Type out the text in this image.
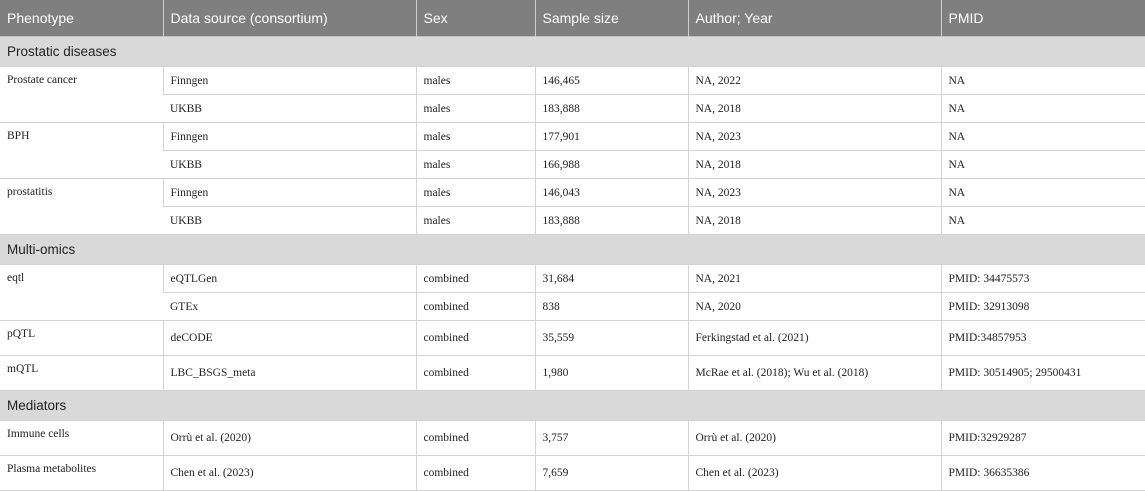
Phenotype	Data source (consortium)	Sex	Sample size	Author; Year	PMID
Prostatic diseases					
Prostate cancer	Finngen	males	146,465	NA, 2022	NA
	UKBB	males	183,888	NA, 2018	NA
BPH	Finngen	males	177,901	NA, 2023	NA
	UKBB	males	166,988	NA, 2018	NA
prostatitis	Finngen	males	146,043	NA, 2023	NA
	UKBB	males	183,888	NA, 2018	NA
Multi-omics					
eqtl	eQTLGen	combined	31,684	NA, 2021	PMID: 34475573
	GTEx	combined	838	NA, 2020	PMID: 32913098
pQTL	deCODE	combined	35,559	Ferkingstad et al. (2021)	PMID:34857953
mQTL	LBC_BSGS_meta	combined	1,980	McRae et al. (2018); Wu et al. (2018)	PMID: 30514905; 29500431
Mediators					
Immune cells	Orrù et al. (2020)	combined	3,757	Orrù et al. (2020)	PMID:32929287
Plasma metabolites	Chen et al. (2023)	combined	7,659	Chen et al. (2023)	PMID: 36635386
